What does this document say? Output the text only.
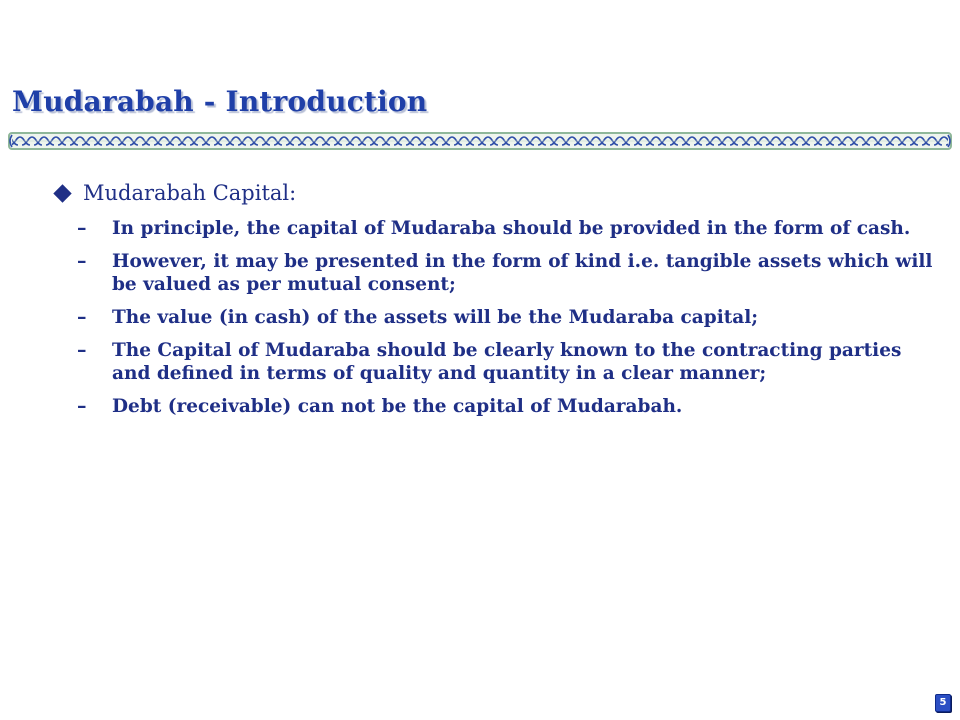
Mudarabah - Introduction
Mudarabah Capital:
–	In principle, the capital of Mudaraba should be provided in the form of cash.
–	However, it may be presented in the form of kind i.e. tangible assets which will be valued as per mutual consent;
–	The value (in cash) of the assets will be the Mudaraba capital;
–	The Capital of Mudaraba should be clearly known to the contracting parties and defined in terms of quality and quantity in a clear manner;
–	Debt (receivable) can not be the capital of Mudarabah.
5
